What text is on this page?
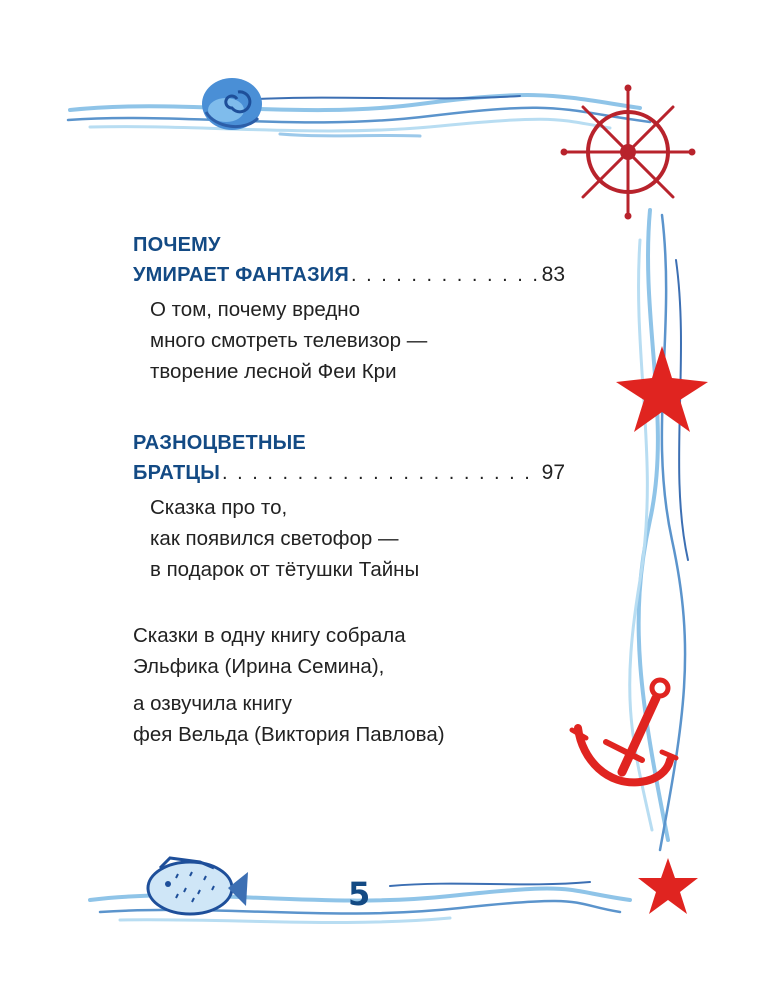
ПОЧЕМУ
УМИРАЕТ ФАНТАЗИЯ . . .	83
О том, почему вредно
много смотреть телевизор —
творение лесной Феи Кри
РАЗНОЦВЕТНЫЕ
БРАТЦЫ . . .	97
Сказка про то,
как появился светофор —
в подарок от тётушки Тайны
Сказки в одну книгу собрала
Эльфика (Ирина Семина),
а озвучила книгу
фея Вельда (Виктория Павлова)
5
